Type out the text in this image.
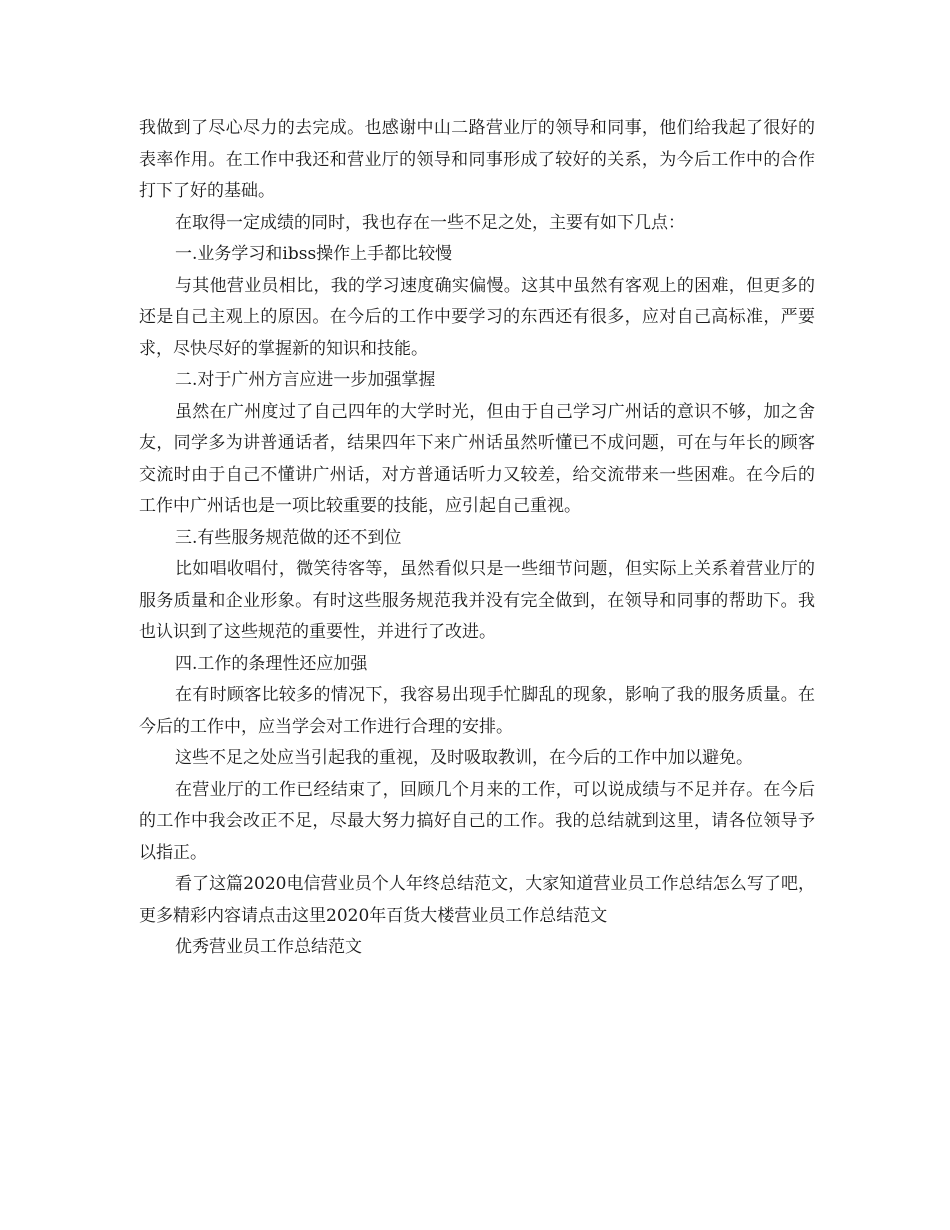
我做到了尽心尽力的去完成。也感谢中山二路营业厅的领导和同事，他们给我起了很好的表率作用。在工作中我还和营业厅的领导和同事形成了较好的关系，为今后工作中的合作打下了好的基础。

在取得一定成绩的同时，我也存在一些不足之处，主要有如下几点：

一.业务学习和ibss操作上手都比较慢

与其他营业员相比，我的学习速度确实偏慢。这其中虽然有客观上的困难，但更多的还是自己主观上的原因。在今后的工作中要学习的东西还有很多，应对自己高标准，严要求，尽快尽好的掌握新的知识和技能。

二.对于广州方言应进一步加强掌握

虽然在广州度过了自己四年的大学时光，但由于自己学习广州话的意识不够，加之舍友，同学多为讲普通话者，结果四年下来广州话虽然听懂已不成问题，可在与年长的顾客交流时由于自己不懂讲广州话，对方普通话听力又较差，给交流带来一些困难。在今后的工作中广州话也是一项比较重要的技能，应引起自己重视。

三.有些服务规范做的还不到位

比如唱收唱付，微笑待客等，虽然看似只是一些细节问题，但实际上关系着营业厅的服务质量和企业形象。有时这些服务规范我并没有完全做到，在领导和同事的帮助下。我也认识到了这些规范的重要性，并进行了改进。

四.工作的条理性还应加强

在有时顾客比较多的情况下，我容易出现手忙脚乱的现象，影响了我的服务质量。在今后的工作中，应当学会对工作进行合理的安排。

这些不足之处应当引起我的重视，及时吸取教训，在今后的工作中加以避免。

在营业厅的工作已经结束了，回顾几个月来的工作，可以说成绩与不足并存。在今后的工作中我会改正不足，尽最大努力搞好自己的工作。我的总结就到这里，请各位领导予以指正。

看了这篇2020电信营业员个人年终总结范文，大家知道营业员工作总结怎么写了吧，更多精彩内容请点击这里2020年百货大楼营业员工作总结范文

优秀营业员工作总结范文
